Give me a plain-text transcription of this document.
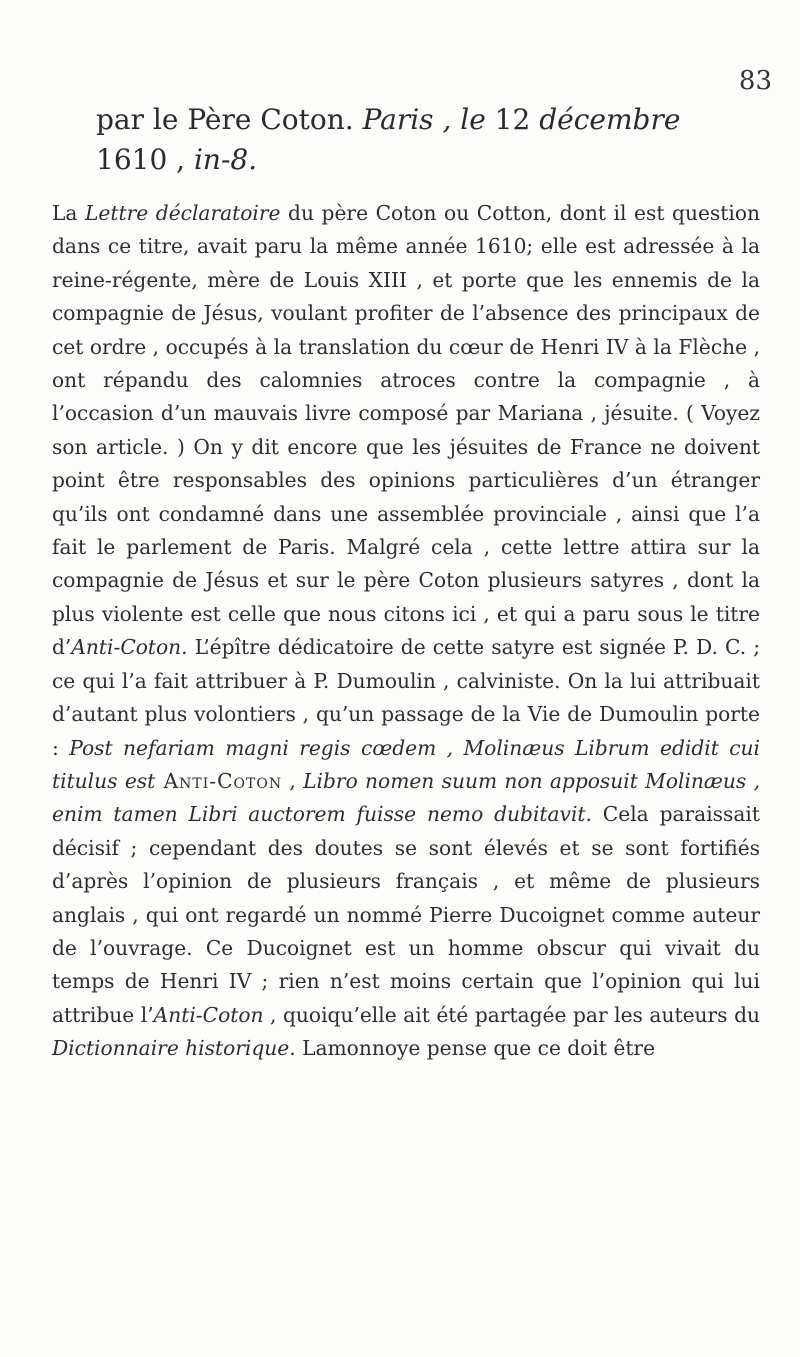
83
par le Père Coton. Paris , le 12 décembre
1610 , in-8.
La Lettre déclaratoire du père Coton ou Cotton, dont il est question dans ce titre, avait paru la même année 1610; elle est adressée à la reine-régente, mère de Louis XIII , et porte que les ennemis de la compagnie de Jésus, voulant profiter de l’absence des principaux de cet ordre , occupés à la translation du cœur de Henri IV à la Flèche , ont répandu des calomnies atroces contre la compagnie , à l’occasion d’un mauvais livre composé par Mariana , jésuite. ( Voyez son article. ) On y dit encore que les jésuites de France ne doivent point être responsables des opinions particulières d’un étranger qu’ils ont condamné dans une assemblée provinciale , ainsi que l’a fait le parlement de Paris. Malgré cela , cette lettre attira sur la compagnie de Jésus et sur le père Coton plusieurs satyres , dont la plus violente est celle que nous citons ici , et qui a paru sous le titre d’Anti-Coton. L’épître dédicatoire de cette satyre est signée P. D. C. ; ce qui l’a fait attribuer à P. Dumoulin , calviniste. On la lui attribuait d’autant plus volontiers , qu’un passage de la Vie de Dumoulin porte : Post nefariam magni regis cœdem , Molinæus Librum edidit cui titulus est Anti-Coton , Libro nomen suum non apposuit Molinæus , enim tamen Libri auctorem fuisse nemo dubitavit. Cela paraissait décisif ; cependant des doutes se sont élevés et se sont fortifiés d’après l’opinion de plusieurs français , et même de plusieurs anglais , qui ont regardé un nommé Pierre Ducoignet comme auteur de l’ouvrage. Ce Ducoignet est un homme obscur qui vivait du temps de Henri IV ; rien n’est moins certain que l’opinion qui lui attribue l’Anti-Coton , quoiqu’elle ait été partagée par les auteurs du Dictionnaire historique. Lamonnoye pense que ce doit être
